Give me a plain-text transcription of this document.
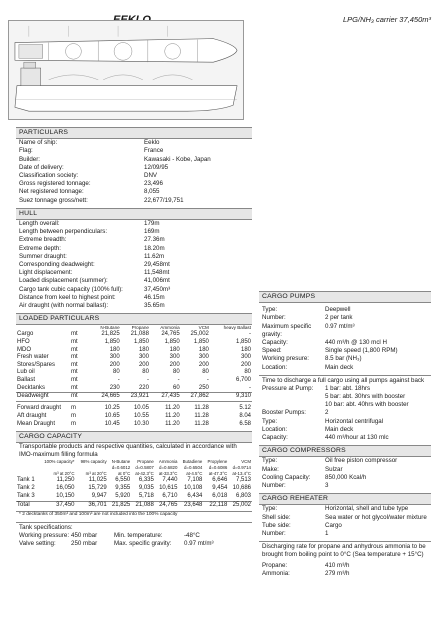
LPG/NH₃ carrier 37,450m³
PARTICULARS
Name of ship:	Eeklo
Flag:	France
Builder:	Kawasaki - Kobe, Japan
Date of delivery:	12/09/95
Classification society:	DNV
Gross registered tonnage:	23,496
Net registered tonnage:	8,055
Suez tonnage gross/nett:	22,677/19,751
HULL
Length overall:	179m
Length between perpendiculars:	169m
Extreme breadth:	27.36m
Extreme depth:	18.20m
Summer draught:	11.62m
Corresponding deadweight:	29,458mt
Light displacement:	11,548mt
Loaded displacement (summer):	41,006mt
Cargo tank cubic capacity (100% full):	37,450m³
Distance from keel to highest point:	46.15m
Air draught (with normal ballast):	35.65m
LOADED PARTICULARS
		N-Butane	Propane	Ammonia	VCM	heavy Ballast
Cargo	mt	21,825	21,088	24,765	25,002	-
HFO	mt	1,850	1,850	1,850	1,850	1,850
MDO	mt	180	180	180	180	180
Fresh water	mt	300	300	300	300	300
Stores/Spares	mt	200	200	200	200	200
Lub oil	mt	80	80	80	80	80
Ballast	mt	-	-	-	-	6,700
Decktanks	mt	230	220	60	250	-
Deadweight	mt	24,665	23,921	27,435	27,862	9,310

Forward draught	m	10.25	10.05	11.20	11.28	5.12
Aft draught	m	10.65	10.55	11.20	11.28	8.04
Mean Draught	m	10.45	10.30	11.20	11.28	6.58
CARGO CAPACITY
Transportable products and respective quantities, calculated in accordance with IMO-maximum filling formula
	100% capacity*	98% capacity	N-Butane	Propane	Ammonia	Butadiene	Propylene	VCM
			d=0.6012	d=0.5807	d=0.6820	d=0.6504	d=0.6086	d=0.9714
	m³ at 20°C	m³ at 20°C	at 0°C	at-42.3°C	at-33.3°C	at-4.5°C	at-47.3°C	at-13.4°C
Tank 1	11,250	11,025	6,550	6,335	7,440	7,108	6,646	7,513
Tank 2	16,050	15,729	9,355	9,035	10,615	10,108	9,454	10,686
Tank 3	10,150	9,947	5,920	5,718	6,710	6,434	6,018	6,803
Total	37,450	36,701	21,825	21,088	24,765	23,648	22,118	25,002
* 2 decktanks of 350m³ and 100m³ are not included into the 100% capacity
Tank specifications:
Working pressure: 450 mbar	Min. temperature:	-48°C
Valve setting:	250 mbar	Max. specific gravity:	0.97 mt/m³
CARGO PUMPS
Type:	Deepwell
Number:	2 per tank
Maximum specific gravity:
0.97 mt/m³
Capacity:	440 m³/h @ 130 mcl H
Speed:	Single speed (1,800 RPM)
Working presure:	8.5 bar (NH₃)
Location:	Main deck
Time to discharge a full cargo using all pumps against back
Pressure at Pump:	1 bar: abt. 18hrs
5 bar: abt. 30hrs with booster
10 bar: abt. 40hrs with booster
Booster Pumps:	2
Type:	Horizontal centrifugal
Location:	Main deck
Capacity:	440 m³/hour at 130 mlc
CARGO COMPRESSORS
Type:	Oil free piston compressor
Make:	Sulzar
Cooling Capacity:	850,000 Kcal/h
Number:	3
CARGO REHEATER
Type:	Horizontal, shell and tube type
Shell side:	Sea water or hot glycol/water mixture
Tube side:	Cargo
Number:	1
Discharging rate for propane and anhydrous ammonia to be brought from boiling point to 0°C (Sea temperature + 15°C)
Propane:	410 m³/h
Ammonia:	279 m³/h
